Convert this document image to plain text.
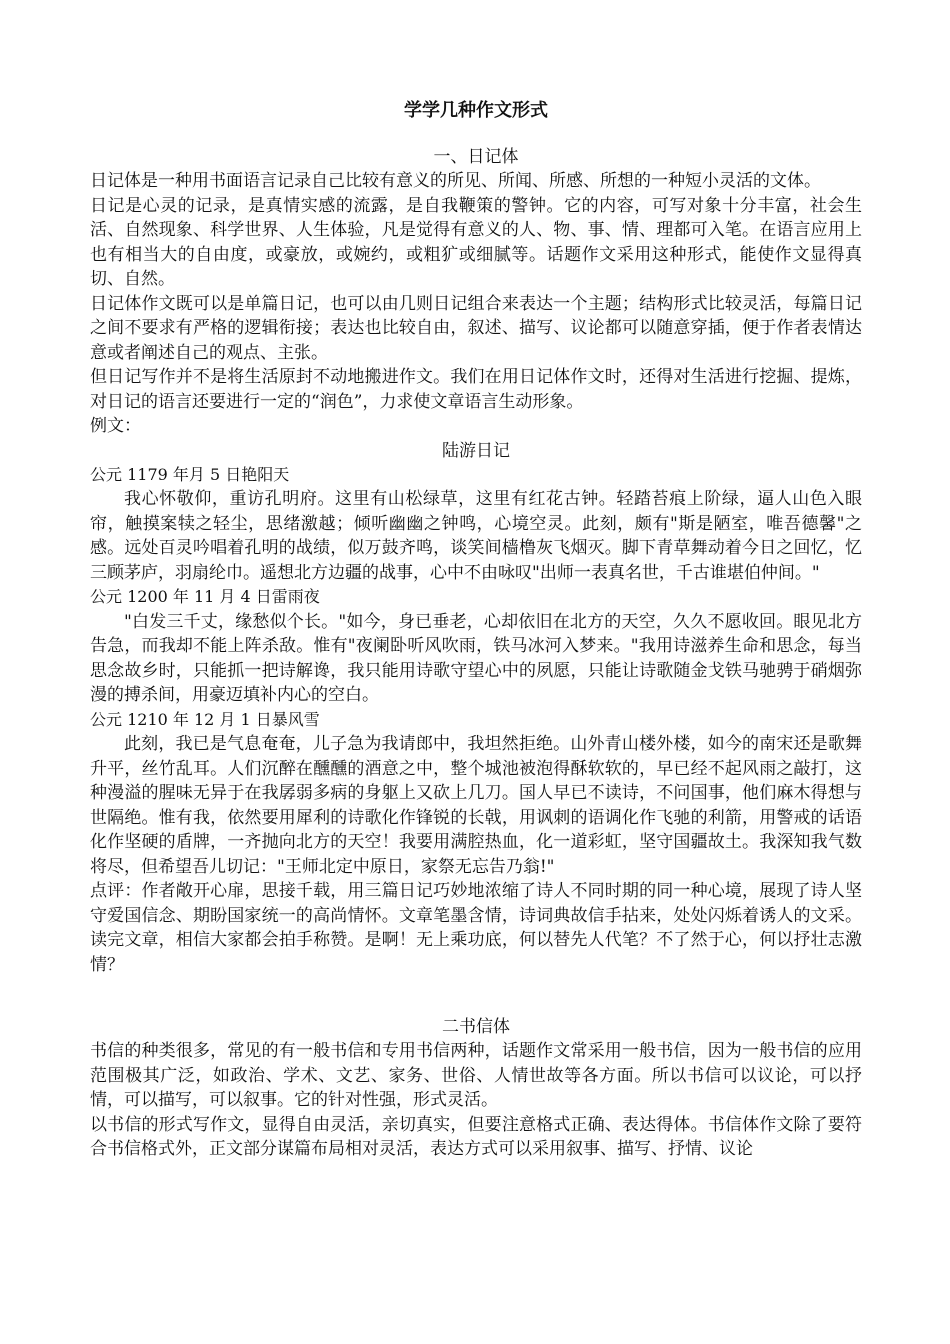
学学几种作文形式
一、日记体

日记体是一种用书面语言记录自己比较有意义的所见、所闻、所感、所想的一种短小灵活的文体。

日记是心灵的记录，是真情实感的流露，是自我鞭策的警钟。它的内容，可写对象十分丰富，社会生活、自然现象、科学世界、人生体验，凡是觉得有意义的人、物、事、情、理都可入笔。在语言应用上也有相当大的自由度，或豪放，或婉约，或粗犷或细腻等。话题作文采用这种形式，能使作文显得真切、自然。

日记体作文既可以是单篇日记，也可以由几则日记组合来表达一个主题；结构形式比较灵活，每篇日记之间不要求有严格的逻辑衔接；表达也比较自由，叙述、描写、议论都可以随意穿插，便于作者表情达意或者阐述自己的观点、主张。

但日记写作并不是将生活原封不动地搬进作文。我们在用日记体作文时，还得对生活进行挖掘、提炼，对日记的语言还要进行一定的“润色”，力求使文章语言生动形象。

例文：

陆游日记

公元 1179 年月 5 日艳阳天

我心怀敬仰，重访孔明府。这里有山松绿草，这里有红花古钟。轻踏苔痕上阶绿，逼人山色入眼帘，触摸案犊之轻尘，思绪激越；倾听幽幽之钟鸣，心境空灵。此刻，颇有"斯是陋室，唯吾德馨"之感。远处百灵吟唱着孔明的战绩，似万鼓齐鸣，谈笑间樯橹灰飞烟灭。脚下青草舞动着今日之回忆，忆三顾茅庐，羽扇纶巾。遥想北方边疆的战事，心中不由咏叹"出师一表真名世，千古谁堪伯仲间。"

公元 1200 年 11 月 4 日雷雨夜

"白发三千丈，缘愁似个长。"如今，身已垂老，心却依旧在北方的天空，久久不愿收回。眼见北方告急，而我却不能上阵杀敌。惟有"夜阑卧听风吹雨，铁马冰河入梦来。"我用诗滋养生命和思念，每当思念故乡时，只能抓一把诗解谗，我只能用诗歌守望心中的夙愿，只能让诗歌随金戈铁马驰骋于硝烟弥漫的搏杀间，用豪迈填补内心的空白。

公元 1210 年 12 月 1 日暴风雪

此刻，我已是气息奄奄，儿子急为我请郎中，我坦然拒绝。山外青山楼外楼，如今的南宋还是歌舞升平，丝竹乱耳。人们沉醉在醺醺的酒意之中，整个城池被泡得酥软软的，早已经不起风雨之敲打，这种漫溢的腥味无异于在我孱弱多病的身躯上又砍上几刀。国人早已不读诗，不问国事，他们麻木得想与世隔绝。惟有我，依然要用犀利的诗歌化作锋锐的长戟，用讽刺的语调化作飞驰的利箭，用警戒的话语化作坚硬的盾牌，一齐抛向北方的天空！我要用满腔热血，化一道彩虹，坚守国疆故土。我深知我气数将尽，但希望吾儿切记："王师北定中原日，家祭无忘告乃翁!"

点评：作者敞开心扉，思接千载，用三篇日记巧妙地浓缩了诗人不同时期的同一种心境，展现了诗人坚守爱国信念、期盼国家统一的高尚情怀。文章笔墨含情，诗词典故信手拈来，处处闪烁着诱人的文采。读完文章，相信大家都会拍手称赞。是啊！无上乘功底，何以替先人代笔？不了然于心，何以抒壮志激情？

二书信体

书信的种类很多，常见的有一般书信和专用书信两种，话题作文常采用一般书信，因为一般书信的应用范围极其广泛，如政治、学术、文艺、家务、世俗、人情世故等各方面。所以书信可以议论，可以抒情，可以描写，可以叙事。它的针对性强，形式灵活。

以书信的形式写作文，显得自由灵活，亲切真实，但要注意格式正确、表达得体。书信体作文除了要符合书信格式外，正文部分谋篇布局相对灵活，表达方式可以采用叙事、描写、抒情、议论
